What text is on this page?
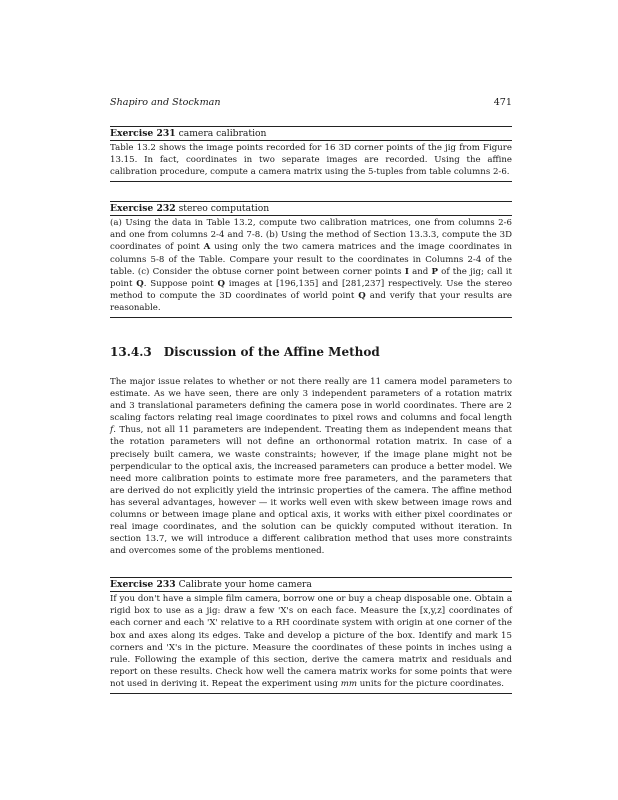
Shapiro and Stockman	471
Exercise 231 camera calibration
Table 13.2 shows the image points recorded for 16 3D corner points of the jig from Figure 13.15. In fact, coordinates in two separate images are recorded. Using the affine calibration procedure, compute a camera matrix using the 5-tuples from table columns 2-6.
Exercise 232 stereo computation
(a) Using the data in Table 13.2, compute two calibration matrices, one from columns 2-6 and one from columns 2-4 and 7-8. (b) Using the method of Section 13.3.3, compute the 3D coordinates of point A using only the two camera matrices and the image coordinates in columns 5-8 of the Table. Compare your result to the coordinates in Columns 2-4 of the table. (c) Consider the obtuse corner point between corner points I and P of the jig; call it point Q. Suppose point Q images at [196,135] and [281,237] respectively. Use the stereo method to compute the 3D coordinates of world point Q and verify that your results are reasonable.
13.4.3 Discussion of the Affine Method

The major issue relates to whether or not there really are 11 camera model parameters to estimate. As we have seen, there are only 3 independent parameters of a rotation matrix and 3 translational parameters defining the camera pose in world coordinates. There are 2 scaling factors relating real image coordinates to pixel rows and columns and focal length f. Thus, not all 11 parameters are independent. Treating them as independent means that the rotation parameters will not define an orthonormal rotation matrix. In case of a precisely built camera, we waste constraints; however, if the image plane might not be perpendicular to the optical axis, the increased parameters can produce a better model. We need more calibration points to estimate more free parameters, and the parameters that are derived do not explicitly yield the intrinsic properties of the camera. The affine method has several advantages, however — it works well even with skew between image rows and columns or between image plane and optical axis, it works with either pixel coordinates or real image coordinates, and the solution can be quickly computed without iteration. In section 13.7, we will introduce a different calibration method that uses more constraints and overcomes some of the problems mentioned.

Exercise 233 Calibrate your home camera
If you don't have a simple film camera, borrow one or buy a cheap disposable one. Obtain a rigid box to use as a jig: draw a few 'X's on each face. Measure the [x,y,z] coordinates of each corner and each 'X' relative to a RH coordinate system with origin at one corner of the box and axes along its edges. Take and develop a picture of the box. Identify and mark 15 corners and 'X's in the picture. Measure the coordinates of these points in inches using a rule. Following the example of this section, derive the camera matrix and residuals and report on these results. Check how well the camera matrix works for some points that were not used in deriving it. Repeat the experiment using mm units for the picture coordinates.
